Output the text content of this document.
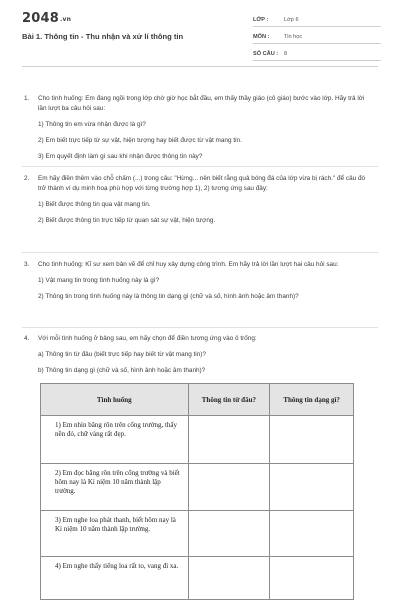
2048.vn
Bài 1. Thông tin - Thu nhận và xử lí thông tin
LỚP :	Lớp 6
MÔN :	Tin học
SỐ CÂU : 8
1. Cho tình huống: Em đang ngồi trong lớp chờ giờ học bắt đầu, em thấy thầy giáo (cô giáo) bước vào lớp. Hãy trả lời lần lượt ba câu hỏi sau:

1) Thông tin em vừa nhận được là gì?
2) Em biết trực tiếp từ sự vật, hiện tượng hay biết được từ vật mang tin.
3) Em quyết định làm gì sau khi nhận được thông tin này?
2. Em hãy điền thêm vào chỗ chấm (...) trong câu: "Hừng... nên biết rằng quả bóng đá của lớp vừa bị rách." để câu đó trở thành ví dụ minh hoạ phù hợp với từng trường hợp 1), 2) tương ứng sau đây:

1) Biết được thông tin qua vật mang tin.
2) Biết được thông tin trực tiếp từ quan sát sự vật, hiện tượng.
3. Cho tình huống: Kĩ sư xem bản vẽ để chỉ huy xây dựng công trình. Em hãy trả lời lần lượt hai câu hỏi sau:

1) Vật mang tin trong tình huống này là gì?
2) Thông tin trong tình huống này là thông tin dạng gì (chữ và số, hình ảnh hoặc âm thanh)?
4. Với mỗi tình huống ở bảng sau, em hãy chọn để điền tương ứng vào ô trống:

a) Thông tin từ đâu (biết trực tiếp hay biết từ vật mang tin)?
b) Thông tin dạng gì (chữ và số, hình ảnh hoặc âm thanh)?
Tình huống	Thông tin từ đâu?	Thông tin dạng gì?
1) Em nhìn băng rôn trên cổng trường, thấy nền đỏ, chữ vàng rất đẹp.		
2) Em đọc băng rôn trên cổng trường và biết hôm nay là Kỉ niệm 10 năm thành lập trường.		
3) Em nghe loa phát thanh, biết hôm nay là Kỉ niệm 10 năm thành lập trường.		
4) Em nghe thấy tiếng loa rất to, vang đi xa.		
